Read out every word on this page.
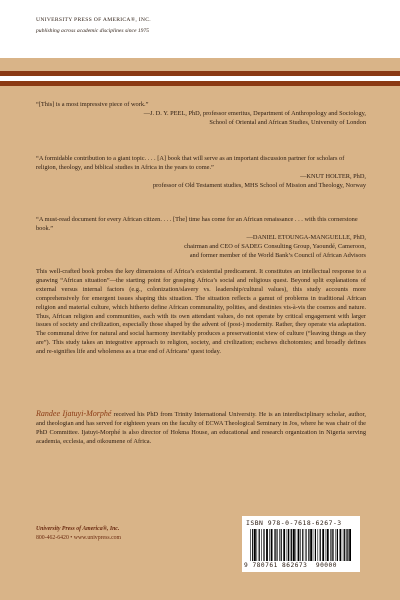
UNIVERSITY PRESS OF AMERICA®, INC.
publishing across academic disciplines since 1975
“[This] is a most impressive piece of work.”
—J. D. Y. PEEL, PhD, professor emeritus, Department of Anthropology and Sociology,
School of Oriental and African Studies, University of London
“A formidable contribution to a giant topic. . . . [A] book that will serve as an important discussion partner for scholars of religion, theology, and biblical studies in Africa in the years to come.”
—KNUT HOLTER, PhD,
professor of Old Testament studies, MHS School of Mission and Theology, Norway
“A must-read document for every African citizen. . . . [The] time has come for an African renaissance . . . with this cornerstone book.”
—DANIEL ETOUNGA-MANGUELLE, PhD,
chairman and CEO of SADEG Consulting Group, Yaoundé, Cameroon,
and former member of the World Bank’s Council of African Advisors
This well-crafted book probes the key dimensions of Africa’s existential predicament. It constitutes an intellectual response to a gnawing “African situation”—the starting point for grasping Africa’s social and religious quest. Beyond split explanations of external versus internal factors (e.g., colonization/slavery vs. leadership/cultural values), this study accounts more comprehensively for emergent issues shaping this situation. The situation reflects a gamut of problems in traditional African religion and material culture, which hitherto define African communality, polities, and destinies vis-à-vis the cosmos and nature. Thus, African religion and communities, each with its own attendant values, do not operate by critical engagement with larger issues of society and civilization, especially those shaped by the advent of (post-) modernity. Rather, they operate via adaptation. The communal drive for natural and social harmony inevitably produces a preservationist view of culture (“leaving things as they are”). This study takes an integrative approach to religion, society, and civilization; eschews dichotomies; and broadly defines and re-signifies life and wholeness as a true end of Africans’ quest today.
Randee Ijatuyi-Morphé received his PhD from Trinity International University. He is an interdisciplinary scholar, author, and theologian and has served for eighteen years on the faculty of ECWA Theological Seminary in Jos, where he was chair of the PhD Committee. Ijatuyi-Morphé is also director of Hokma House, an educational and research organization in Nigeria serving academia, ecclesia, and oikoumene of Africa.
University Press of America®, Inc.
800-462-6420 • www.univpress.com
ISBN 978-0-7618-6267-3
9 780761 862673 90000
